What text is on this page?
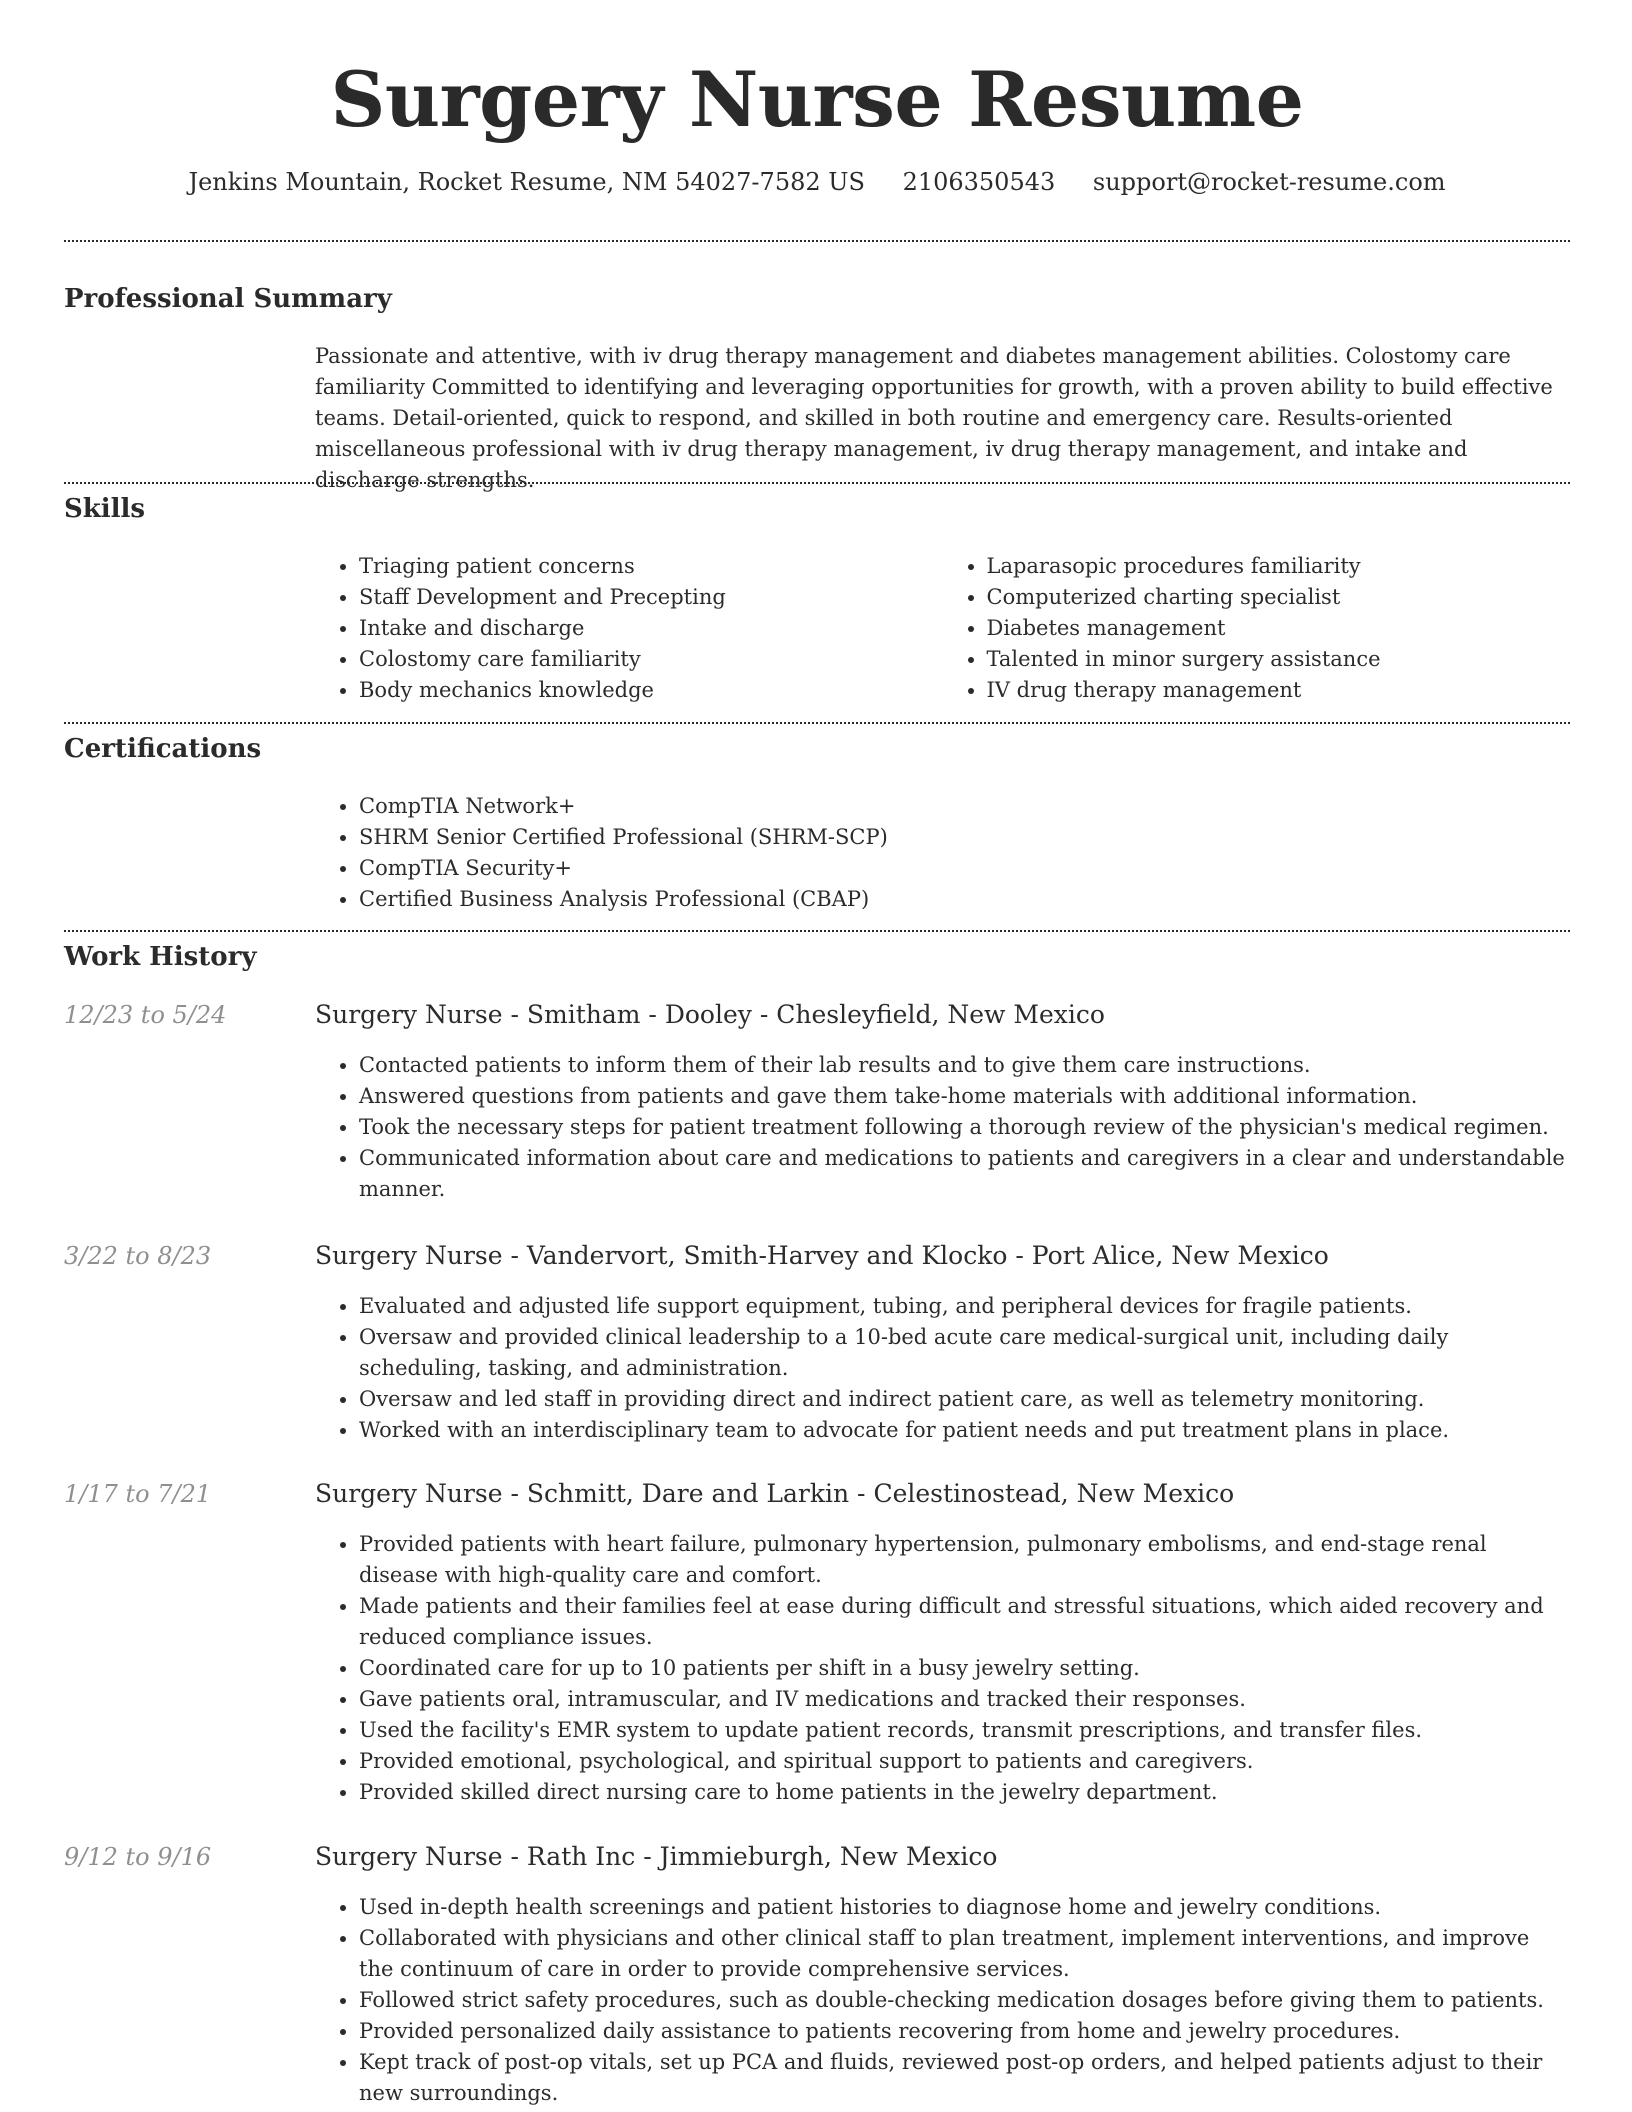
Surgery Nurse Resume
Jenkins Mountain, Rocket Resume, NM 54027-7582 US 2106350543 support@rocket-resume.com
Professional Summary
Passionate and attentive, with iv drug therapy management and diabetes management abilities. Colostomy care familiarity Committed to identifying and leveraging opportunities for growth, with a proven ability to build effective teams. Detail-oriented, quick to respond, and skilled in both routine and emergency care. Results-oriented miscellaneous professional with iv drug therapy management, iv drug therapy management, and intake and discharge strengths.
Skills
• Triaging patient concerns
• Staff Development and Precepting
• Intake and discharge
• Colostomy care familiarity
• Body mechanics knowledge
• Laparasopic procedures familiarity
• Computerized charting specialist
• Diabetes management
• Talented in minor surgery assistance
• IV drug therapy management
Certifications
• CompTIA Network+
• SHRM Senior Certified Professional (SHRM-SCP)
• CompTIA Security+
• Certified Business Analysis Professional (CBAP)
Work History
12/23 to 5/24	Surgery Nurse - Smitham - Dooley - Chesleyfield, New Mexico
• Contacted patients to inform them of their lab results and to give them care instructions.
• Answered questions from patients and gave them take-home materials with additional information.
• Took the necessary steps for patient treatment following a thorough review of the physician's medical regimen.
• Communicated information about care and medications to patients and caregivers in a clear and understandable manner.
3/22 to 8/23	Surgery Nurse - Vandervort, Smith-Harvey and Klocko - Port Alice, New Mexico
• Evaluated and adjusted life support equipment, tubing, and peripheral devices for fragile patients.
• Oversaw and provided clinical leadership to a 10-bed acute care medical-surgical unit, including daily scheduling, tasking, and administration.
• Oversaw and led staff in providing direct and indirect patient care, as well as telemetry monitoring.
• Worked with an interdisciplinary team to advocate for patient needs and put treatment plans in place.
1/17 to 7/21	Surgery Nurse - Schmitt, Dare and Larkin - Celestinostead, New Mexico
• Provided patients with heart failure, pulmonary hypertension, pulmonary embolisms, and end-stage renal disease with high-quality care and comfort.
• Made patients and their families feel at ease during difficult and stressful situations, which aided recovery and reduced compliance issues.
• Coordinated care for up to 10 patients per shift in a busy jewelry setting.
• Gave patients oral, intramuscular, and IV medications and tracked their responses.
• Used the facility's EMR system to update patient records, transmit prescriptions, and transfer files.
• Provided emotional, psychological, and spiritual support to patients and caregivers.
• Provided skilled direct nursing care to home patients in the jewelry department.
9/12 to 9/16	Surgery Nurse - Rath Inc - Jimmieburgh, New Mexico
• Used in-depth health screenings and patient histories to diagnose home and jewelry conditions.
• Collaborated with physicians and other clinical staff to plan treatment, implement interventions, and improve the continuum of care in order to provide comprehensive services.
• Followed strict safety procedures, such as double-checking medication dosages before giving them to patients.
• Provided personalized daily assistance to patients recovering from home and jewelry procedures.
• Kept track of post-op vitals, set up PCA and fluids, reviewed post-op orders, and helped patients adjust to their new surroundings.
